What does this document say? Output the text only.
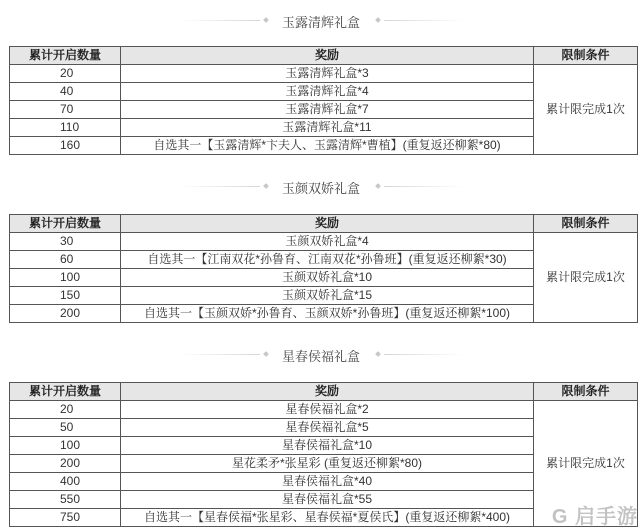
玉露清辉礼盒
累计开启数量	奖励	限制条件
20	玉露清辉礼盒*3	累计限完成1次
40	玉露清辉礼盒*4	
70	玉露清辉礼盒*7	
110	玉露清辉礼盒*11	
160	自选其一【玉露清辉*卞夫人、玉露清辉*曹植】(重复返还柳絮*80)	
玉颜双娇礼盒
累计开启数量	奖励	限制条件
30	玉颜双娇礼盒*4	累计限完成1次
60	自选其一【江南双花*孙鲁育、江南双花*孙鲁班】(重复返还柳絮*30)	
100	玉颜双娇礼盒*10	
150	玉颜双娇礼盒*15	
200	自选其一【玉颜双娇*孙鲁育、玉颜双娇*孙鲁班】(重复返还柳絮*100)	
星春侯福礼盒
累计开启数量	奖励	限制条件
20	星春侯福礼盒*2	累计限完成1次
50	星春侯福礼盒*5	
100	星春侯福礼盒*10	
200	星花柔矛*张星彩 (重复返还柳絮*80)	
400	星春侯福礼盒*40	
550	星春侯福礼盒*55	
750	自选其一【星春侯福*张星彩、星春侯福*夏侯氏】(重复返还柳絮*400)	G 启手游
